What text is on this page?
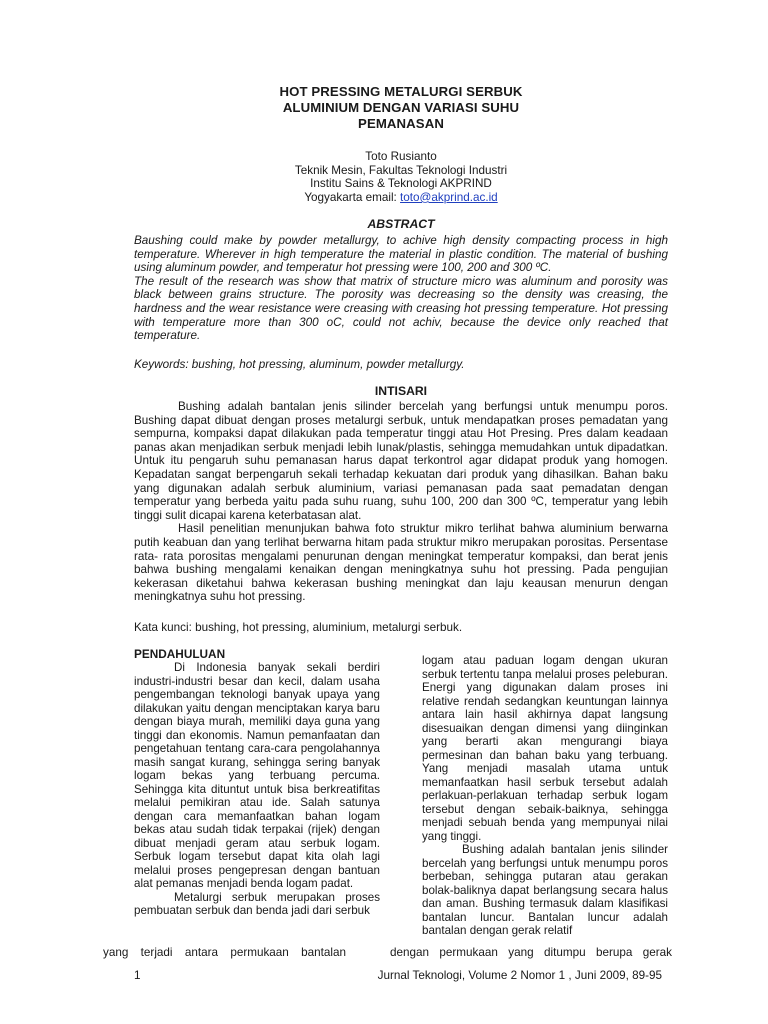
HOT PRESSING METALURGI SERBUK
ALUMINIUM DENGAN VARIASI SUHU
PEMANASAN
Toto Rusianto
Teknik Mesin, Fakultas Teknologi Industri
Institu Sains & Teknologi AKPRIND
Yogyakarta email: toto@akprind.ac.id
ABSTRACT

Baushing could make by powder metallurgy, to achive high density compacting process in high temperature. Wherever in high temperature the material in plastic condition. The material of bushing using aluminum powder, and temperatur hot pressing were 100, 200 and 300 ºC.

The result of the research was show that matrix of structure micro was aluminum and porosity was black between grains structure. The porosity was decreasing so the density was creasing, the hardness and the wear resistance were creasing with creasing hot pressing temperature. Hot pressing with temperature more than 300 oC, could not achiv, because the device only reached that temperature.

Keywords: bushing, hot pressing, aluminum, powder metallurgy.

INTISARI

Bushing adalah bantalan jenis silinder bercelah yang berfungsi untuk menumpu poros. Bushing dapat dibuat dengan proses metalurgi serbuk, untuk mendapatkan proses pemadatan yang sempurna, kompaksi dapat dilakukan pada temperatur tinggi atau Hot Presing. Pres dalam keadaan panas akan menjadikan serbuk menjadi lebih lunak/plastis, sehingga memudahkan untuk dipadatkan. Untuk itu pengaruh suhu pemanasan harus dapat terkontrol agar didapat produk yang homogen. Kepadatan sangat berpengaruh sekali terhadap kekuatan dari produk yang dihasilkan. Bahan baku yang digunakan adalah serbuk aluminium, variasi pemanasan pada saat pemadatan dengan temperatur yang berbeda yaitu pada suhu ruang, suhu 100, 200 dan 300 ºC, temperatur yang lebih tinggi sulit dicapai karena keterbatasan alat.

Hasil penelitian menunjukan bahwa foto struktur mikro terlihat bahwa aluminium berwarna putih keabuan dan yang terlihat berwarna hitam pada struktur mikro merupakan porositas. Persentase rata- rata porositas mengalami penurunan dengan meningkat temperatur kompaksi, dan berat jenis bahwa bushing mengalami kenaikan dengan meningkatnya suhu hot pressing. Pada pengujian kekerasan diketahui bahwa kekerasan bushing meningkat dan laju keausan menurun dengan meningkatnya suhu hot pressing.

Kata kunci: bushing, hot pressing, aluminium, metalurgi serbuk.

PENDAHULUAN

Di Indonesia banyak sekali berdiri industri-industri besar dan kecil, dalam usaha pengembangan teknologi banyak upaya yang dilakukan yaitu dengan menciptakan karya baru dengan biaya murah, memiliki daya guna yang tinggi dan ekonomis. Namun pemanfaatan dan pengetahuan tentang cara-cara pengolahannya masih sangat kurang, sehingga sering banyak logam bekas yang terbuang percuma. Sehingga kita dituntut untuk bisa berkreatifitas melalui pemikiran atau ide. Salah satunya dengan cara memanfaatkan bahan logam bekas atau sudah tidak terpakai (rijek) dengan dibuat menjadi geram atau serbuk logam. Serbuk logam tersebut dapat kita olah lagi melalui proses pengepresan dengan bantuan alat pemanas menjadi benda logam padat.

Metalurgi serbuk merupakan proses pembuatan serbuk dan benda jadi dari serbuk

logam atau paduan logam dengan ukuran serbuk tertentu tanpa melalui proses peleburan. Energi yang digunakan dalam proses ini relative rendah sedangkan keuntungan lainnya antara lain hasil akhirnya dapat langsung disesuaikan dengan dimensi yang diinginkan yang berarti akan mengurangi biaya permesinan dan bahan baku yang terbuang. Yang menjadi masalah utama untuk memanfaatkan hasil serbuk tersebut adalah perlakuan-perlakuan terhadap serbuk logam tersebut dengan sebaik-baiknya, sehingga menjadi sebuah benda yang mempunyai nilai yang tinggi.

Bushing adalah bantalan jenis silinder bercelah yang berfungsi untuk menumpu poros berbeban, sehingga putaran atau gerakan bolak-baliknya dapat berlangsung secara halus dan aman. Bushing termasuk dalam klasifikasi bantalan luncur. Bantalan luncur adalah bantalan dengan gerak relatif

yang terjadi antara permukaan bantalan	dengan permukaan yang ditumpu berupa gerak

1	Jurnal Teknologi, Volume 2 Nomor 1 , Juni 2009, 89-95
